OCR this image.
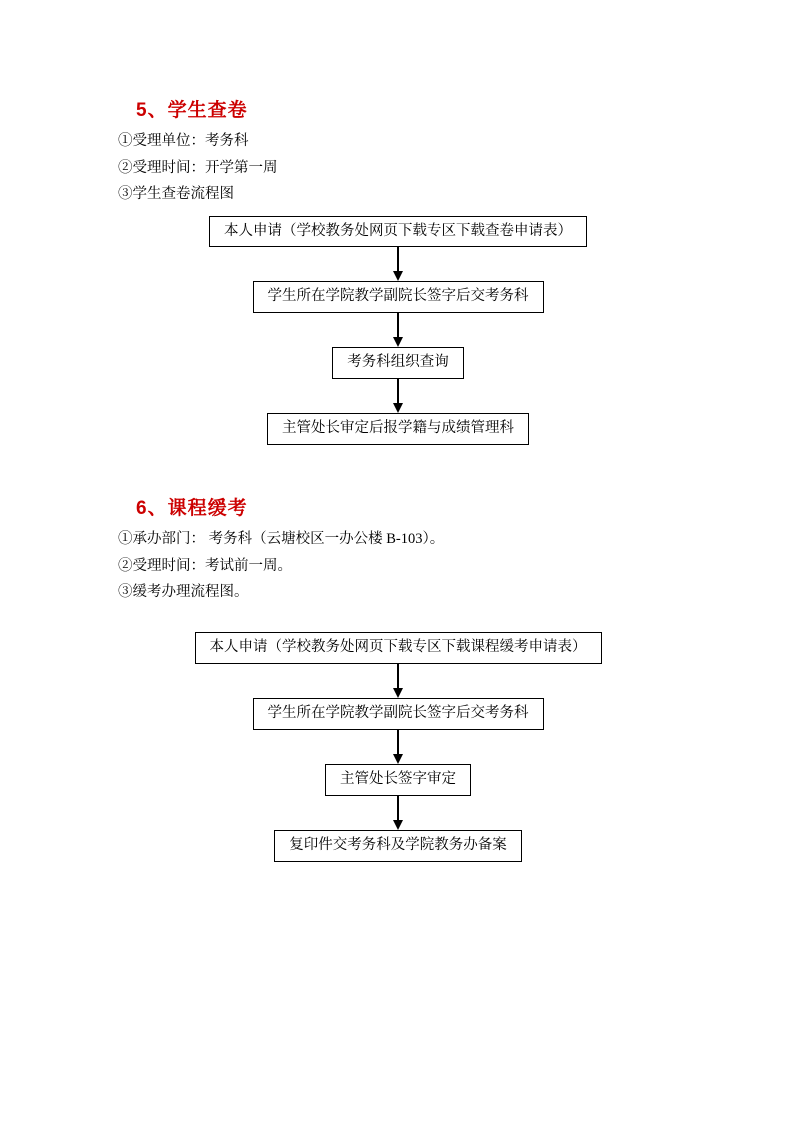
5、学生查卷
①受理单位：考务科
②受理时间：开学第一周
③学生查卷流程图
本人申请（学校教务处网页下载专区下载查卷申请表）
学生所在学院教学副院长签字后交考务科
考务科组织查询
主管处长审定后报学籍与成绩管理科
6、课程缓考
①承办部门： 考务科（云塘校区一办公楼 B-103）。
②受理时间：考试前一周。
③缓考办理流程图。
本人申请（学校教务处网页下载专区下载课程缓考申请表）
学生所在学院教学副院长签字后交考务科
主管处长签字审定
复印件交考务科及学院教务办备案
